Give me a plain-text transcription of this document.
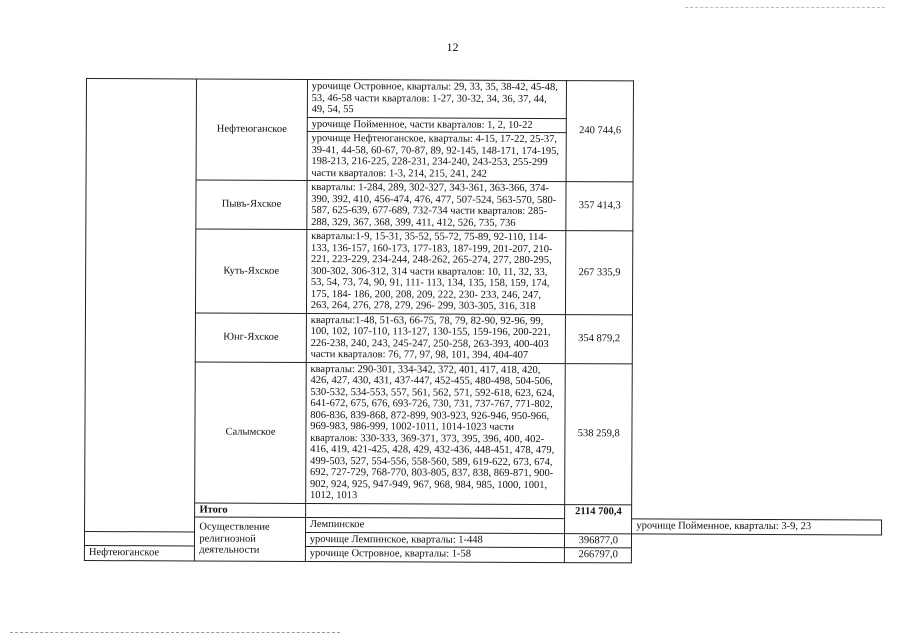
12
	Нефтеюганское	урочище Островное, кварталы: 29, 33, 35, 38-42, 45-48, 53, 46-58 части кварталов: 1-27, 30-32, 34, 36, 37, 44, 49, 54, 55	240 744,6	
		урочище Пойменное, части кварталов: 1, 2, 10-22		
		урочище Нефтеюганское, кварталы: 4-15, 17-22, 25-37, 39-41, 44-58, 60-67, 70-87, 89, 92-145, 148-171, 174-195, 198-213, 216-225, 228-231, 234-240, 243-253, 255-299 части кварталов: 1-3, 214, 215, 241, 242		
	Пывъ-Яхское	кварталы: 1-284, 289, 302-327, 343-361, 363-366, 374-390, 392, 410, 456-474, 476, 477, 507-524, 563-570, 580-587, 625-639, 677-689, 732-734 части кварталов: 285- 288, 329, 367, 368, 399, 411, 412, 526, 735, 736	357 414,3	
	Куть-Яхское	кварталы:1-9, 15-31, 35-52, 55-72, 75-89, 92-110, 114-133, 136-157, 160-173, 177-183, 187-199, 201-207, 210-221, 223-229, 234-244, 248-262, 265-274, 277, 280-295, 300-302, 306-312, 314 части кварталов: 10, 11, 32, 33, 53, 54, 73, 74, 90, 91, 111- 113, 134, 135, 158, 159, 174, 175, 184- 186, 200, 208, 209, 222, 230- 233, 246, 247, 263, 264, 276, 278, 279, 296- 299, 303-305, 316, 318	267 335,9	
	Юнг-Яхское	кварталы:1-48, 51-63, 66-75, 78, 79, 82-90, 92-96, 99, 100, 102, 107-110, 113-127, 130-155, 159-196, 200-221, 226-238, 240, 243, 245-247, 250-258, 263-393, 400-403 части кварталов: 76, 77, 97, 98, 101, 394, 404-407	354 879,2	
	Салымское	кварталы: 290-301, 334-342, 372, 401, 417, 418, 420, 426, 427, 430, 431, 437-447, 452-455, 480-498, 504-506, 530-532, 534-553, 557, 561, 562, 571, 592-618, 623, 624, 641-672, 675, 676, 693-726, 730, 731, 737-767, 771-802, 806-836, 839-868, 872-899, 903-923, 926-946, 950-966, 969-983, 986-999, 1002-1011, 1014-1023 части кварталов: 330-333, 369-371, 373, 395, 396, 400, 402-416, 419, 421-425, 428, 429, 432-436, 448-451, 478, 479, 499-503, 527, 554-556, 558-560, 589, 619-622, 673, 674, 692, 727-729, 768-770, 803-805, 837, 838, 869-871, 900-902, 924, 925, 947-949, 967, 968, 984, 985, 1000, 1001, 1012, 1013	538 259,8	
	Итого		2114 700,4	
	Осуществление религиозной деятельности	Лемпинское		урочище Пойменное, кварталы: 3-9, 23
		урочище Лемпинское, кварталы: 1-448	396877,0	
Нефтеюганское		урочище Островное, кварталы: 1-58	266797,0	
